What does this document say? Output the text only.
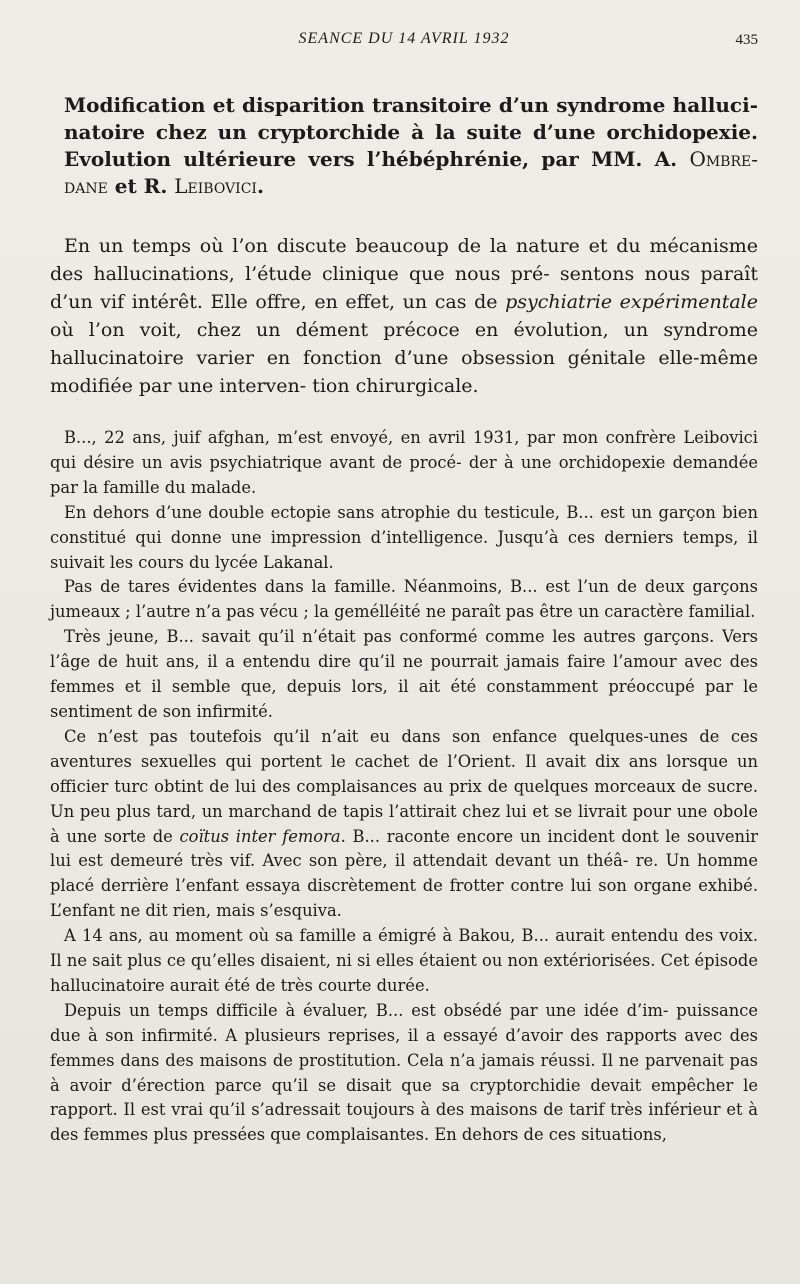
SEANCE DU 14 AVRIL 1932	435
Modification et disparition transitoire d’un syndrome halluci- natoire chez un cryptorchide à la suite d’une orchidopexie. Evolution ultérieure vers l’hébéphrénie, par MM. A. Ombre- dane et R. Leibovici.
En un temps où l’on discute beaucoup de la nature et du mécanisme des hallucinations, l’étude clinique que nous pré- sentons nous paraît d’un vif intérêt. Elle offre, en effet, un cas de psychiatrie expérimentale où l’on voit, chez un dément précoce en évolution, un syndrome hallucinatoire varier en fonction d’une obsession génitale elle-même modifiée par une interven- tion chirurgicale.

B..., 22 ans, juif afghan, m’est envoyé, en avril 1931, par mon confrère Leibovici qui désire un avis psychiatrique avant de procé- der à une orchidopexie demandée par la famille du malade.

En dehors d’une double ectopie sans atrophie du testicule, B... est un garçon bien constitué qui donne une impression d’intelligence. Jusqu’à ces derniers temps, il suivait les cours du lycée Lakanal.

Pas de tares évidentes dans la famille. Néanmoins, B... est l’un de deux garçons jumeaux ; l’autre n’a pas vécu ; la gemélléité ne paraît pas être un caractère familial.

Très jeune, B... savait qu’il n’était pas conformé comme les autres garçons. Vers l’âge de huit ans, il a entendu dire qu’il ne pourrait jamais faire l’amour avec des femmes et il semble que, depuis lors, il ait été constamment préoccupé par le sentiment de son infirmité.

Ce n’est pas toutefois qu’il n’ait eu dans son enfance quelques-unes de ces aventures sexuelles qui portent le cachet de l’Orient. Il avait dix ans lorsque un officier turc obtint de lui des complaisances au prix de quelques morceaux de sucre. Un peu plus tard, un marchand de tapis l’attirait chez lui et se livrait pour une obole à une sorte de coïtus inter femora. B... raconte encore un incident dont le souvenir lui est demeuré très vif. Avec son père, il attendait devant un théâ- re. Un homme placé derrière l’enfant essaya discrètement de frotter contre lui son organe exhibé. L’enfant ne dit rien, mais s’esquiva.

A 14 ans, au moment où sa famille a émigré à Bakou, B... aurait entendu des voix. Il ne sait plus ce qu’elles disaient, ni si elles étaient ou non extériorisées. Cet épisode hallucinatoire aurait été de très courte durée.

Depuis un temps difficile à évaluer, B... est obsédé par une idée d’im- puissance due à son infirmité. A plusieurs reprises, il a essayé d’avoir des rapports avec des femmes dans des maisons de prostitution. Cela n’a jamais réussi. Il ne parvenait pas à avoir d’érection parce qu’il se disait que sa cryptorchidie devait empêcher le rapport. Il est vrai qu’il s’adressait toujours à des maisons de tarif très inférieur et à des femmes plus pressées que complaisantes. En dehors de ces situations,
